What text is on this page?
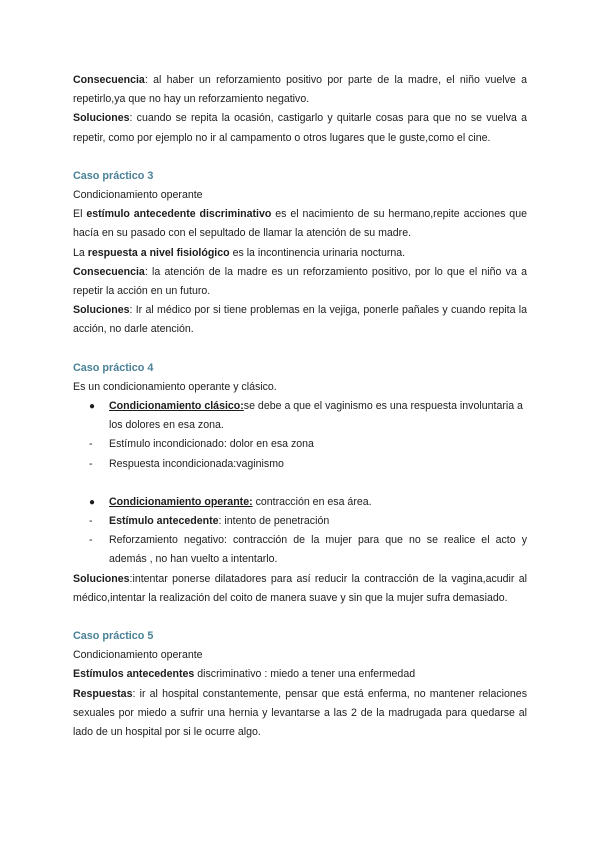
Consecuencia: al haber un reforzamiento positivo por parte de la madre, el niño vuelve a repetirlo,ya que no hay un reforzamiento negativo.

Soluciones: cuando se repita la ocasión, castigarlo y quitarle cosas para que no se vuelva a repetir, como por ejemplo no ir al campamento o otros lugares que le guste,como el cine.

Caso práctico 3

Condicionamiento operante

El estímulo antecedente discriminativo es el nacimiento de su hermano,repite acciones que hacía en su pasado con el sepultado de llamar la atención de su madre.

La respuesta a nivel fisiológico es la incontinencia urinaria nocturna.

Consecuencia: la atención de la madre es un reforzamiento positivo, por lo que el niño va a repetir la acción en un futuro.

Soluciones: Ir al médico por si tiene problemas en la vejiga, ponerle pañales y cuando repita la acción, no darle atención.

Caso práctico 4

Es un condicionamiento operante y clásico.

●	Condicionamiento clásico:se debe a que el vaginismo es una respuesta involuntaria a los dolores en esa zona.
-	Estímulo incondicionado: dolor en esa zona
-	Respuesta incondicionada:vaginismo
●	Condicionamiento operante: contracción en esa área.
-	Estímulo antecedente: intento de penetración
-	Reforzamiento negativo: contracción de la mujer para que no se realice el acto y además , no han vuelto a intentarlo.

Soluciones:intentar ponerse dilatadores para así reducir la contracción de la vagina,acudir al médico,intentar la realización del coito de manera suave y sin que la mujer sufra demasiado.

Caso práctico 5

Condicionamiento operante

Estímulos antecedentes discriminativo : miedo a tener una enfermedad

Respuestas: ir al hospital constantemente, pensar que está enferma, no mantener relaciones sexuales por miedo a sufrir una hernia y levantarse a las 2 de la madrugada para quedarse al lado de un hospital por si le ocurre algo.
